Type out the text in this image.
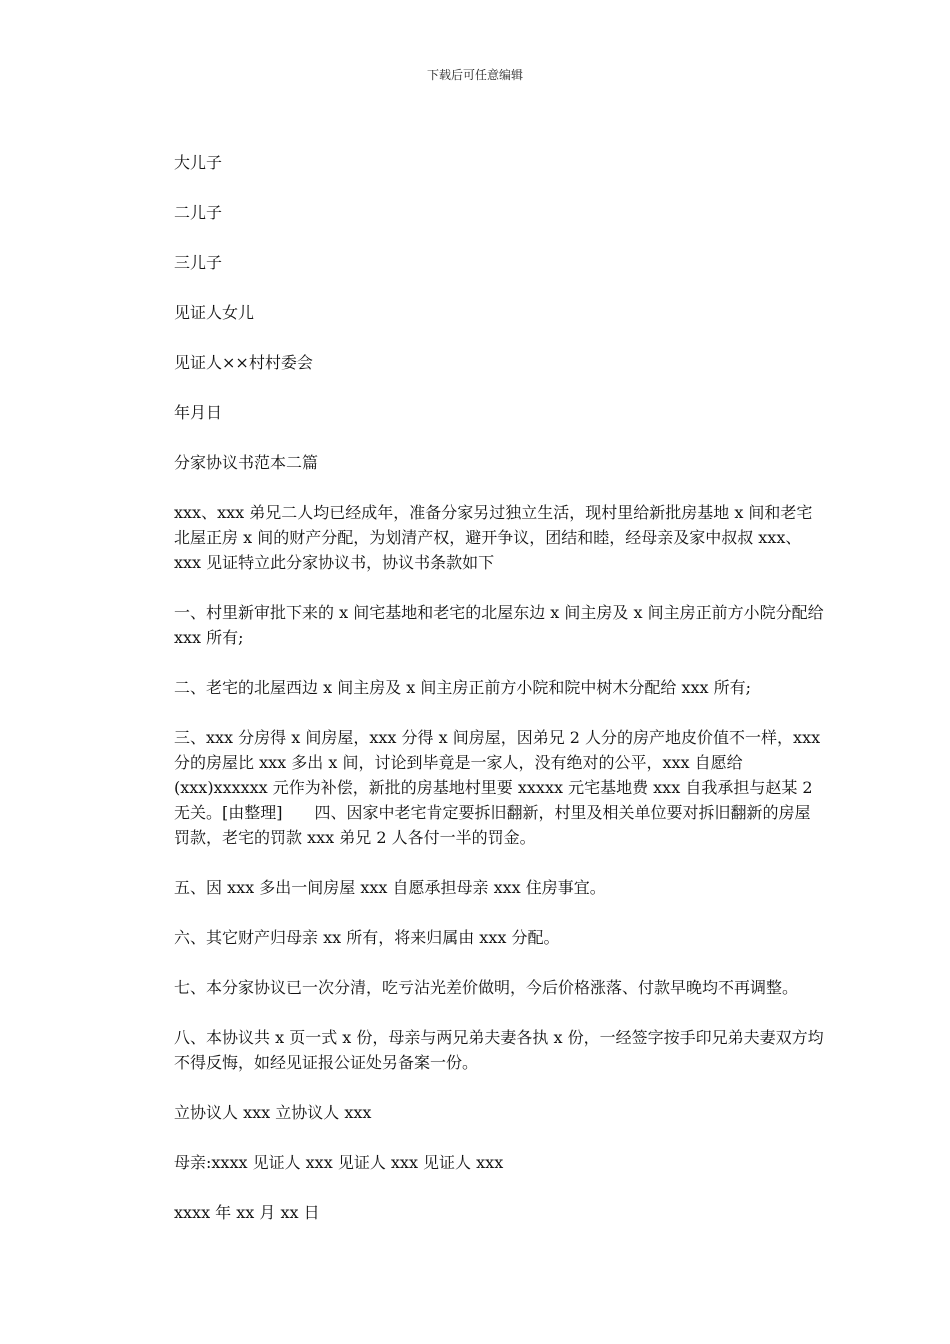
下载后可任意编辑

大儿子

二儿子

三儿子

见证人女儿

见证人××村村委会

年月日

分家协议书范本二篇

xxx、xxx 弟兄二人均已经成年，准备分家另过独立生活，现村里给新批房基地 x 间和老宅北屋正房 x 间的财产分配，为划清产权，避开争议，团结和睦，经母亲及家中叔叔 xxx、xxx 见证特立此分家协议书，协议书条款如下

一、村里新审批下来的 x 间宅基地和老宅的北屋东边 x 间主房及 x 间主房正前方小院分配给 xxx 所有;

二、老宅的北屋西边 x 间主房及 x 间主房正前方小院和院中树木分配给 xxx 所有;

三、xxx 分房得 x 间房屋，xxx 分得 x 间房屋，因弟兄 2 人分的房产地皮价值不一样，xxx 分的房屋比 xxx 多出 x 间，讨论到毕竟是一家人，没有绝对的公平，xxx 自愿给(xxx)xxxxxx 元作为补偿，新批的房基地村里要 xxxxx 元宅基地费 xxx 自我承担与赵某 2 无关。[由整理]　　四、因家中老宅肯定要拆旧翻新，村里及相关单位要对拆旧翻新的房屋罚款，老宅的罚款 xxx 弟兄 2 人各付一半的罚金。

五、因 xxx 多出一间房屋 xxx 自愿承担母亲 xxx 住房事宜。

六、其它财产归母亲 xx 所有，将来归属由 xxx 分配。

七、本分家协议已一次分清，吃亏沾光差价做明，今后价格涨落、付款早晚均不再调整。

八、本协议共 x 页一式 x 份，母亲与两兄弟夫妻各执 x 份，一经签字按手印兄弟夫妻双方均不得反悔，如经见证报公证处另备案一份。

立协议人 xxx 立协议人 xxx

母亲:xxxx 见证人 xxx 见证人 xxx 见证人 xxx

xxxx 年 xx 月 xx 日
